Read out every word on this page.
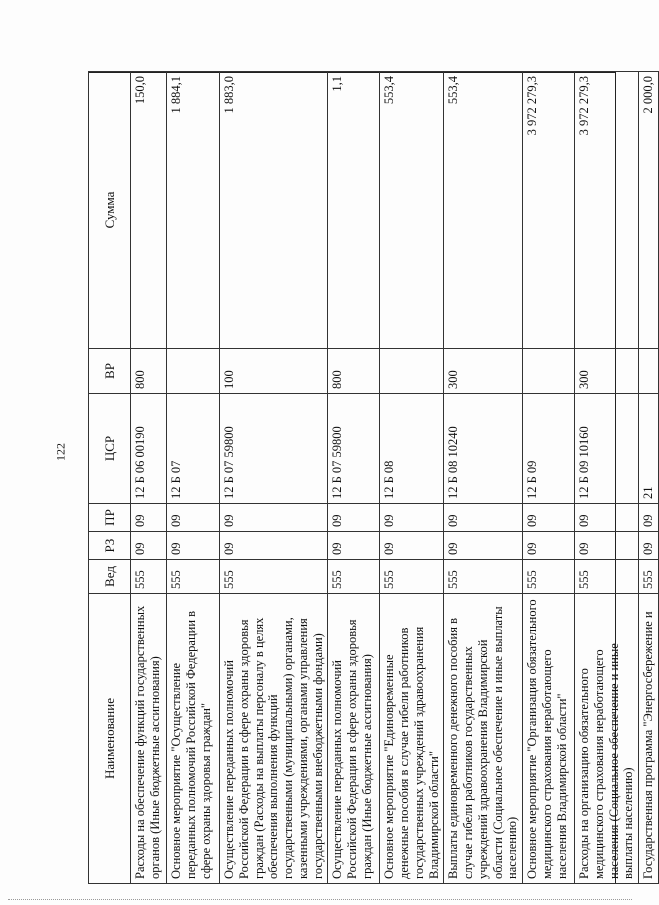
122
Наименование	Вед	РЗ	ПР	ЦСР	ВР	Сумма
Расходы на обеспечение функций государственных органов (Иные бюджетные ассигнования)	555	09	09	12 Б 06 00190	800	150,0
Основное мероприятие "Осуществление переданных полномочий Российской Федерации в сфере охраны здоровья граждан"	555	09	09	12 Б 07		1 884,1
Осуществление переданных полномочий Российской Федерации в сфере охраны здоровья граждан (Расходы на выплаты персоналу в целях обеспечения выполнения функций государственными (муниципальными) органами, казенными учреждениями, органами управления государственными внебюджетными фондами)	555	09	09	12 Б 07 59800	100	1 883,0
Осуществление переданных полномочий Российской Федерации в сфере охраны здоровья граждан (Иные бюджетные ассигнования)	555	09	09	12 Б 07 59800	800	1,1
Основное мероприятие "Единовременные денежные пособия в случае гибели работников государственных учреждений здравоохранения Владимирской области"	555	09	09	12 Б 08		553,4
Выплаты единовременного денежного пособия в случае гибели работников государственных учреждений здравоохранения Владимирской области (Социальное обеспечение и иные выплаты населению)	555	09	09	12 Б 08 10240	300	553,4
Основное мероприятие "Организация обязательного медицинского страхования неработающего населения Владимирской области"	555	09	09	12 Б 09		3 972 279,3
Расходы на организацию обязательного медицинского страхования неработающего населения (Социальное обеспечение и иные выплаты населению)	555	09	09	12 Б 09 10160	300	3 972 279,3
Государственная программа "Энергосбережение и	555	09	09	21		2 000,0
